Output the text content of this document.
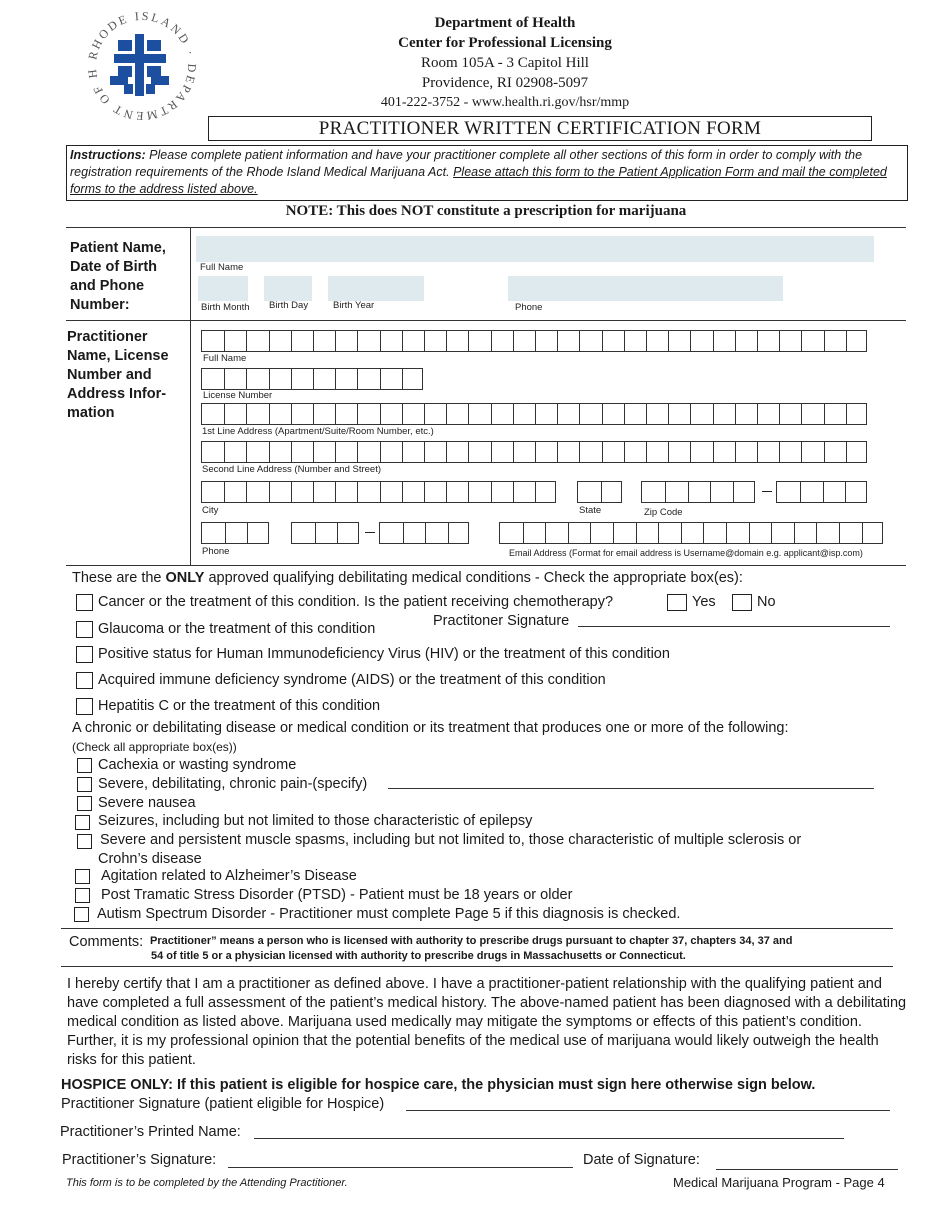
RHODE ISLAND · DEPARTMENT OF H
Department of Health
Center for Professional Licensing
Room 105A - 3 Capitol Hill
Providence, RI 02908-5097
401-222-3752 - www.health.ri.gov/hsr/mmp
PRACTITIONER WRITTEN CERTIFICATION FORM
Instructions: Please complete patient information and have your practitioner complete all other sections of this form in order to comply with the registration requirements of the Rhode Island Medical Marijuana Act. Please attach this form to the Patient Application Form and mail the completed forms to the address listed above.
NOTE: This does NOT constitute a prescription for marijuana
Patient Name,
Date of Birth
and Phone
Number:
Full Name
Birth Month Birth Day	Birth Year	Phone
Practitioner
Name, License
Number and
Address Infor-
mation
Full Name
License Number
1st Line Address (Apartment/Suite/Room Number, etc.)
Second Line Address (Number and Street)
City	State	Zip Code
Phone	Email Address (Format for email address is Username@domain e.g. applicant@isp.com)
These are the ONLY approved qualifying debilitating medical conditions - Check the appropriate box(es):
Cancer or the treatment of this condition. Is the patient receiving chemotherapy?	Yes	No
Practitoner Signature
Glaucoma or the treatment of this condition
Positive status for Human Immunodeficiency Virus (HIV) or the treatment of this condition
Acquired immune deficiency syndrome (AIDS) or the treatment of this condition
Hepatitis C or the treatment of this condition
A chronic or debilitating disease or medical condition or its treatment that produces one or more of the following:
(Check all appropriate box(es))
Cachexia or wasting syndrome
Severe, debilitating, chronic pain-(specify)
Severe nausea
Seizures, including but not limited to those characteristic of epilepsy
Severe and persistent muscle spasms, including but not limited to, those characteristic of multiple sclerosis or
Crohn’s disease
Agitation related to Alzheimer’s Disease
Post Tramatic Stress Disorder (PTSD) - Patient must be 18 years or older
Autism Spectrum Disorder - Practitioner must complete Page 5 if this diagnosis is checked.
Comments: Practitioner” means a person who is licensed with authority to prescribe drugs pursuant to chapter 37, chapters 34, 37 and
54 of title 5 or a physician licensed with authority to prescribe drugs in Massachusetts or Connecticut.
I hereby certify that I am a practitioner as defined above. I have a practitioner-patient relationship with the qualifying patient and have completed a full assessment of the patient’s medical history. The above-named patient has been diagnosed with a debilitating medical condition as listed above. Marijuana used medically may mitigate the symptoms or effects of this patient’s condition. Further, it is my professional opinion that the potential benefits of the medical use of marijuana would likely outweigh the health risks for this patient.
HOSPICE ONLY: If this patient is eligible for hospice care, the physician must sign here otherwise sign below.
Practitioner Signature (patient eligible for Hospice)
Practitioner’s Printed Name:
Practitioner’s Signature:	Date of Signature:
This form is to be completed by the Attending Practitioner.	Medical Marijuana Program - Page 4
